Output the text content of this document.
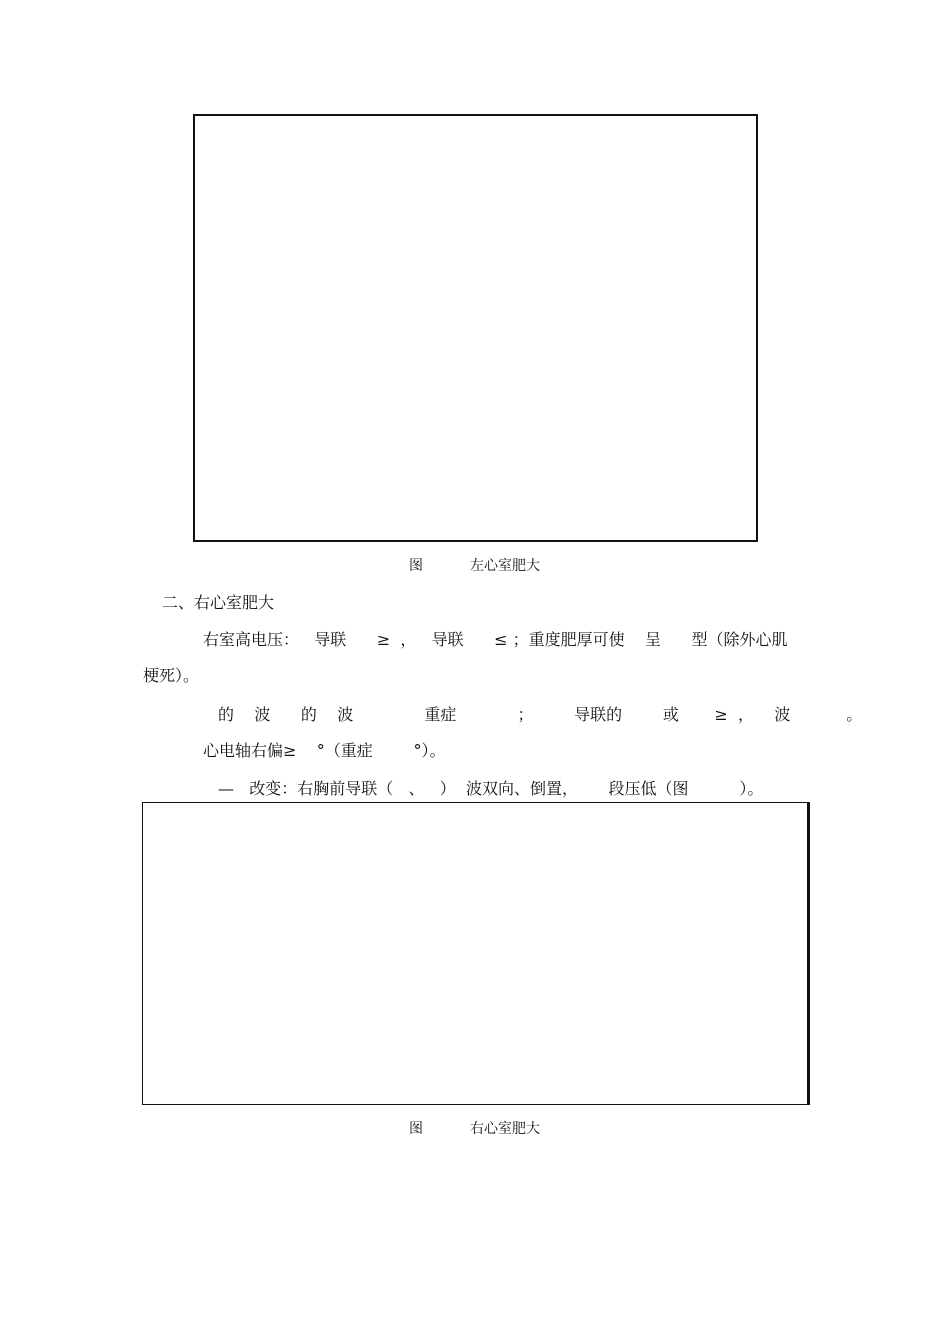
图	左心室肥大
二、右心室肥大
右室高电压：   导联      ≥  ，   导联      ≤ ；重度肥厚可使    呈      型（除外心肌
梗死）。
的    波      的    波              重症            ；        导联的        或       ≥  ，    波           。
心电轴右偏≥    °（重症        °）。
—   改变：右胸前导联（   、   ）  波双向、倒置，      段压低（图          ）。
图	右心室肥大
